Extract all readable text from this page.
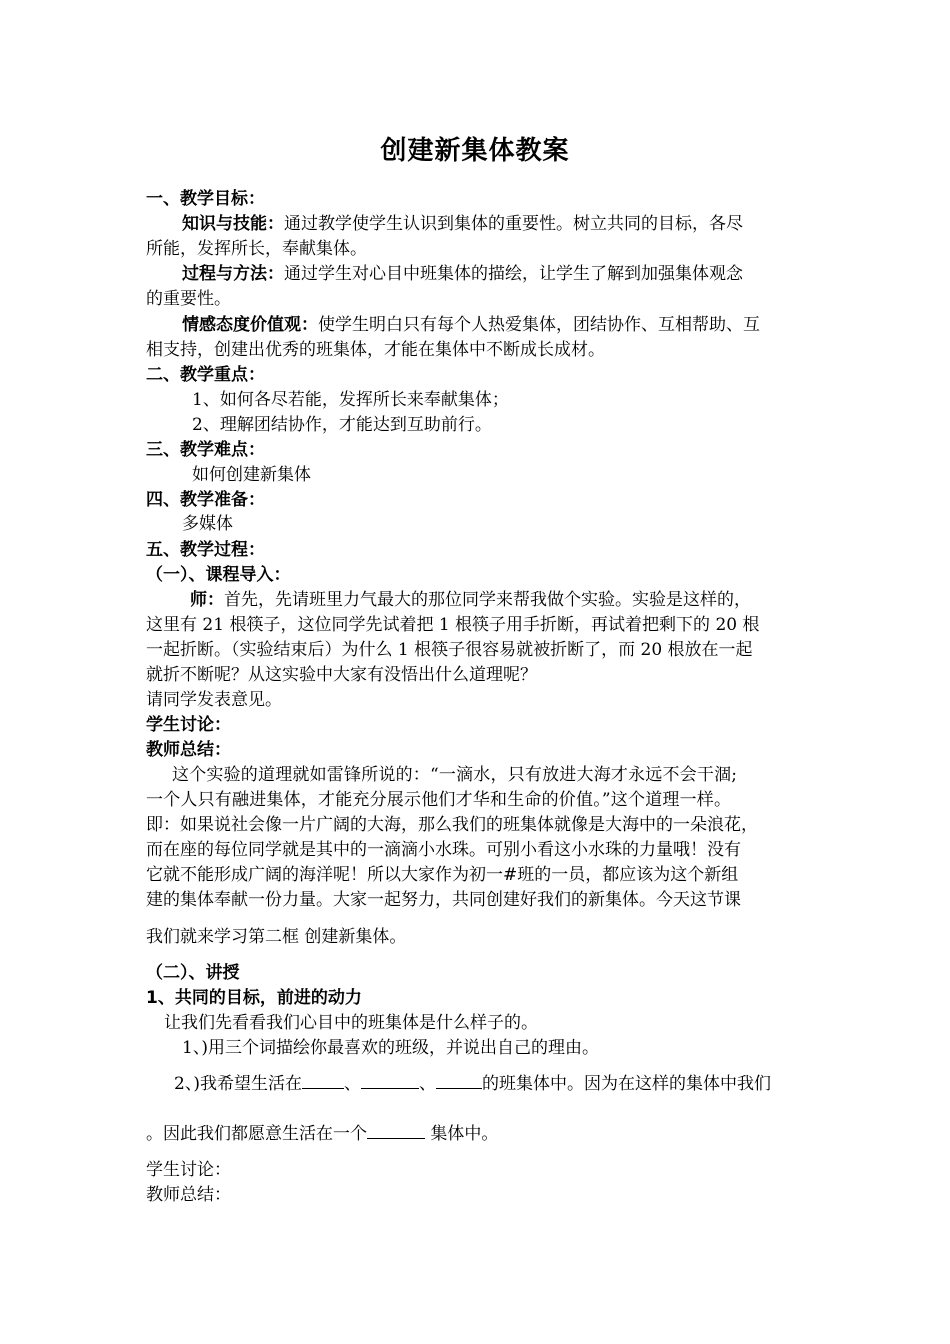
创建新集体教案
一、教学目标：
知识与技能：通过教学使学生认识到集体的重要性。树立共同的目标，各尽
所能，发挥所长，奉献集体。
过程与方法：通过学生对心目中班集体的描绘，让学生了解到加强集体观念
的重要性。
情感态度价值观：使学生明白只有每个人热爱集体，团结协作、互相帮助、互
相支持，创建出优秀的班集体，才能在集体中不断成长成材。
二、教学重点：
1、如何各尽若能，发挥所长来奉献集体；
2、理解团结协作，才能达到互助前行。
三、教学难点：
如何创建新集体
四、教学准备：
多媒体
五、教学过程：
（一）、课程导入：
师：首先，先请班里力气最大的那位同学来帮我做个实验。实验是这样的，
这里有 21 根筷子，这位同学先试着把 1 根筷子用手折断，再试着把剩下的 20 根
一起折断。（实验结束后）为什么 1 根筷子很容易就被折断了，而 20 根放在一起
就折不断呢？从这实验中大家有没悟出什么道理呢？
请同学发表意见。
学生讨论：
教师总结：
这个实验的道理就如雷锋所说的：“一滴水，只有放进大海才永远不会干涸;
一个人只有融进集体，才能充分展示他们才华和生命的价值。”这个道理一样。
即：如果说社会像一片广阔的大海，那么我们的班集体就像是大海中的一朵浪花，
而在座的每位同学就是其中的一滴滴小水珠。可别小看这小水珠的力量哦！没有
它就不能形成广阔的海洋呢！所以大家作为初一#班的一员，都应该为这个新组
建的集体奉献一份力量。大家一起努力，共同创建好我们的新集体。今天这节课
我们就来学习第二框 创建新集体。
（二）、讲授
1、共同的目标，前进的动力
让我们先看看我们心目中的班集体是什么样子的。
1、)用三个词描绘你最喜欢的班级，并说出自己的理由。
2、)我希望生活在 、	、	的班集体中。因为在这样的集体中我们
。因此我们都愿意生活在一个	集体中。
学生讨论：
教师总结：
